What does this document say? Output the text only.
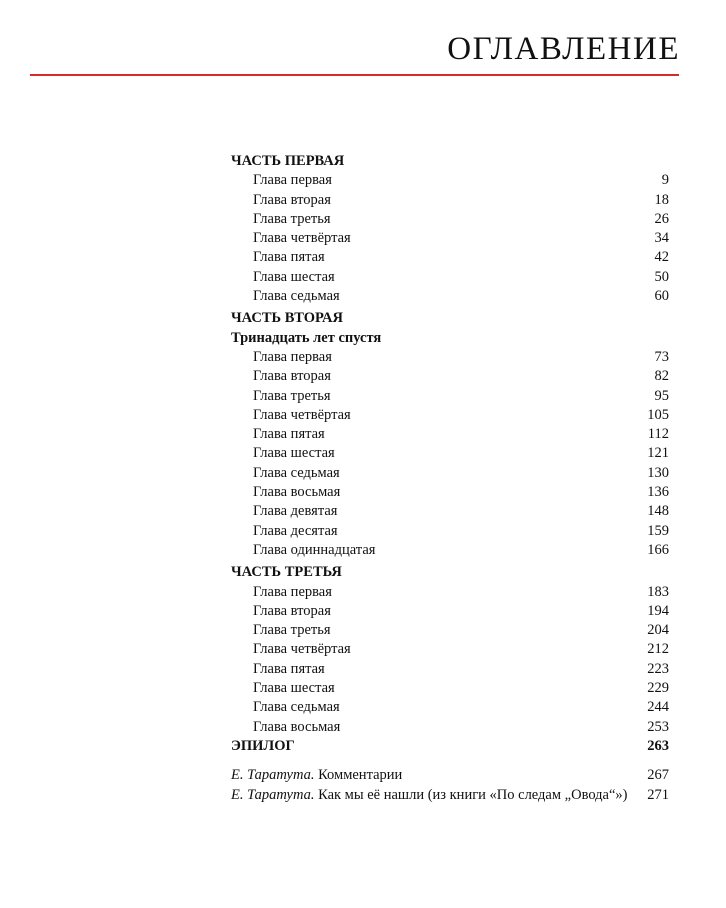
ОГЛАВЛЕНИЕ
ЧАСТЬ ПЕРВАЯ
Глава первая	9
Глава вторая	18
Глава третья	26
Глава четвёртая	34
Глава пятая	42
Глава шестая	50
Глава седьмая	60
ЧАСТЬ ВТОРАЯ
Тринадцать лет спустя
Глава первая	73
Глава вторая	82
Глава третья	95
Глава четвёртая	105
Глава пятая	112
Глава шестая	121
Глава седьмая	130
Глава восьмая	136
Глава девятая	148
Глава десятая	159
Глава одиннадцатая	166
ЧАСТЬ ТРЕТЬЯ
Глава первая	183
Глава вторая	194
Глава третья	204
Глава четвёртая	212
Глава пятая	223
Глава шестая	229
Глава седьмая	244
Глава восьмая	253
ЭПИЛОГ	263
Е. Таратута. Комментарии	267
Е. Таратута. Как мы её нашли (из книги «По следам „Овода“»)	271
